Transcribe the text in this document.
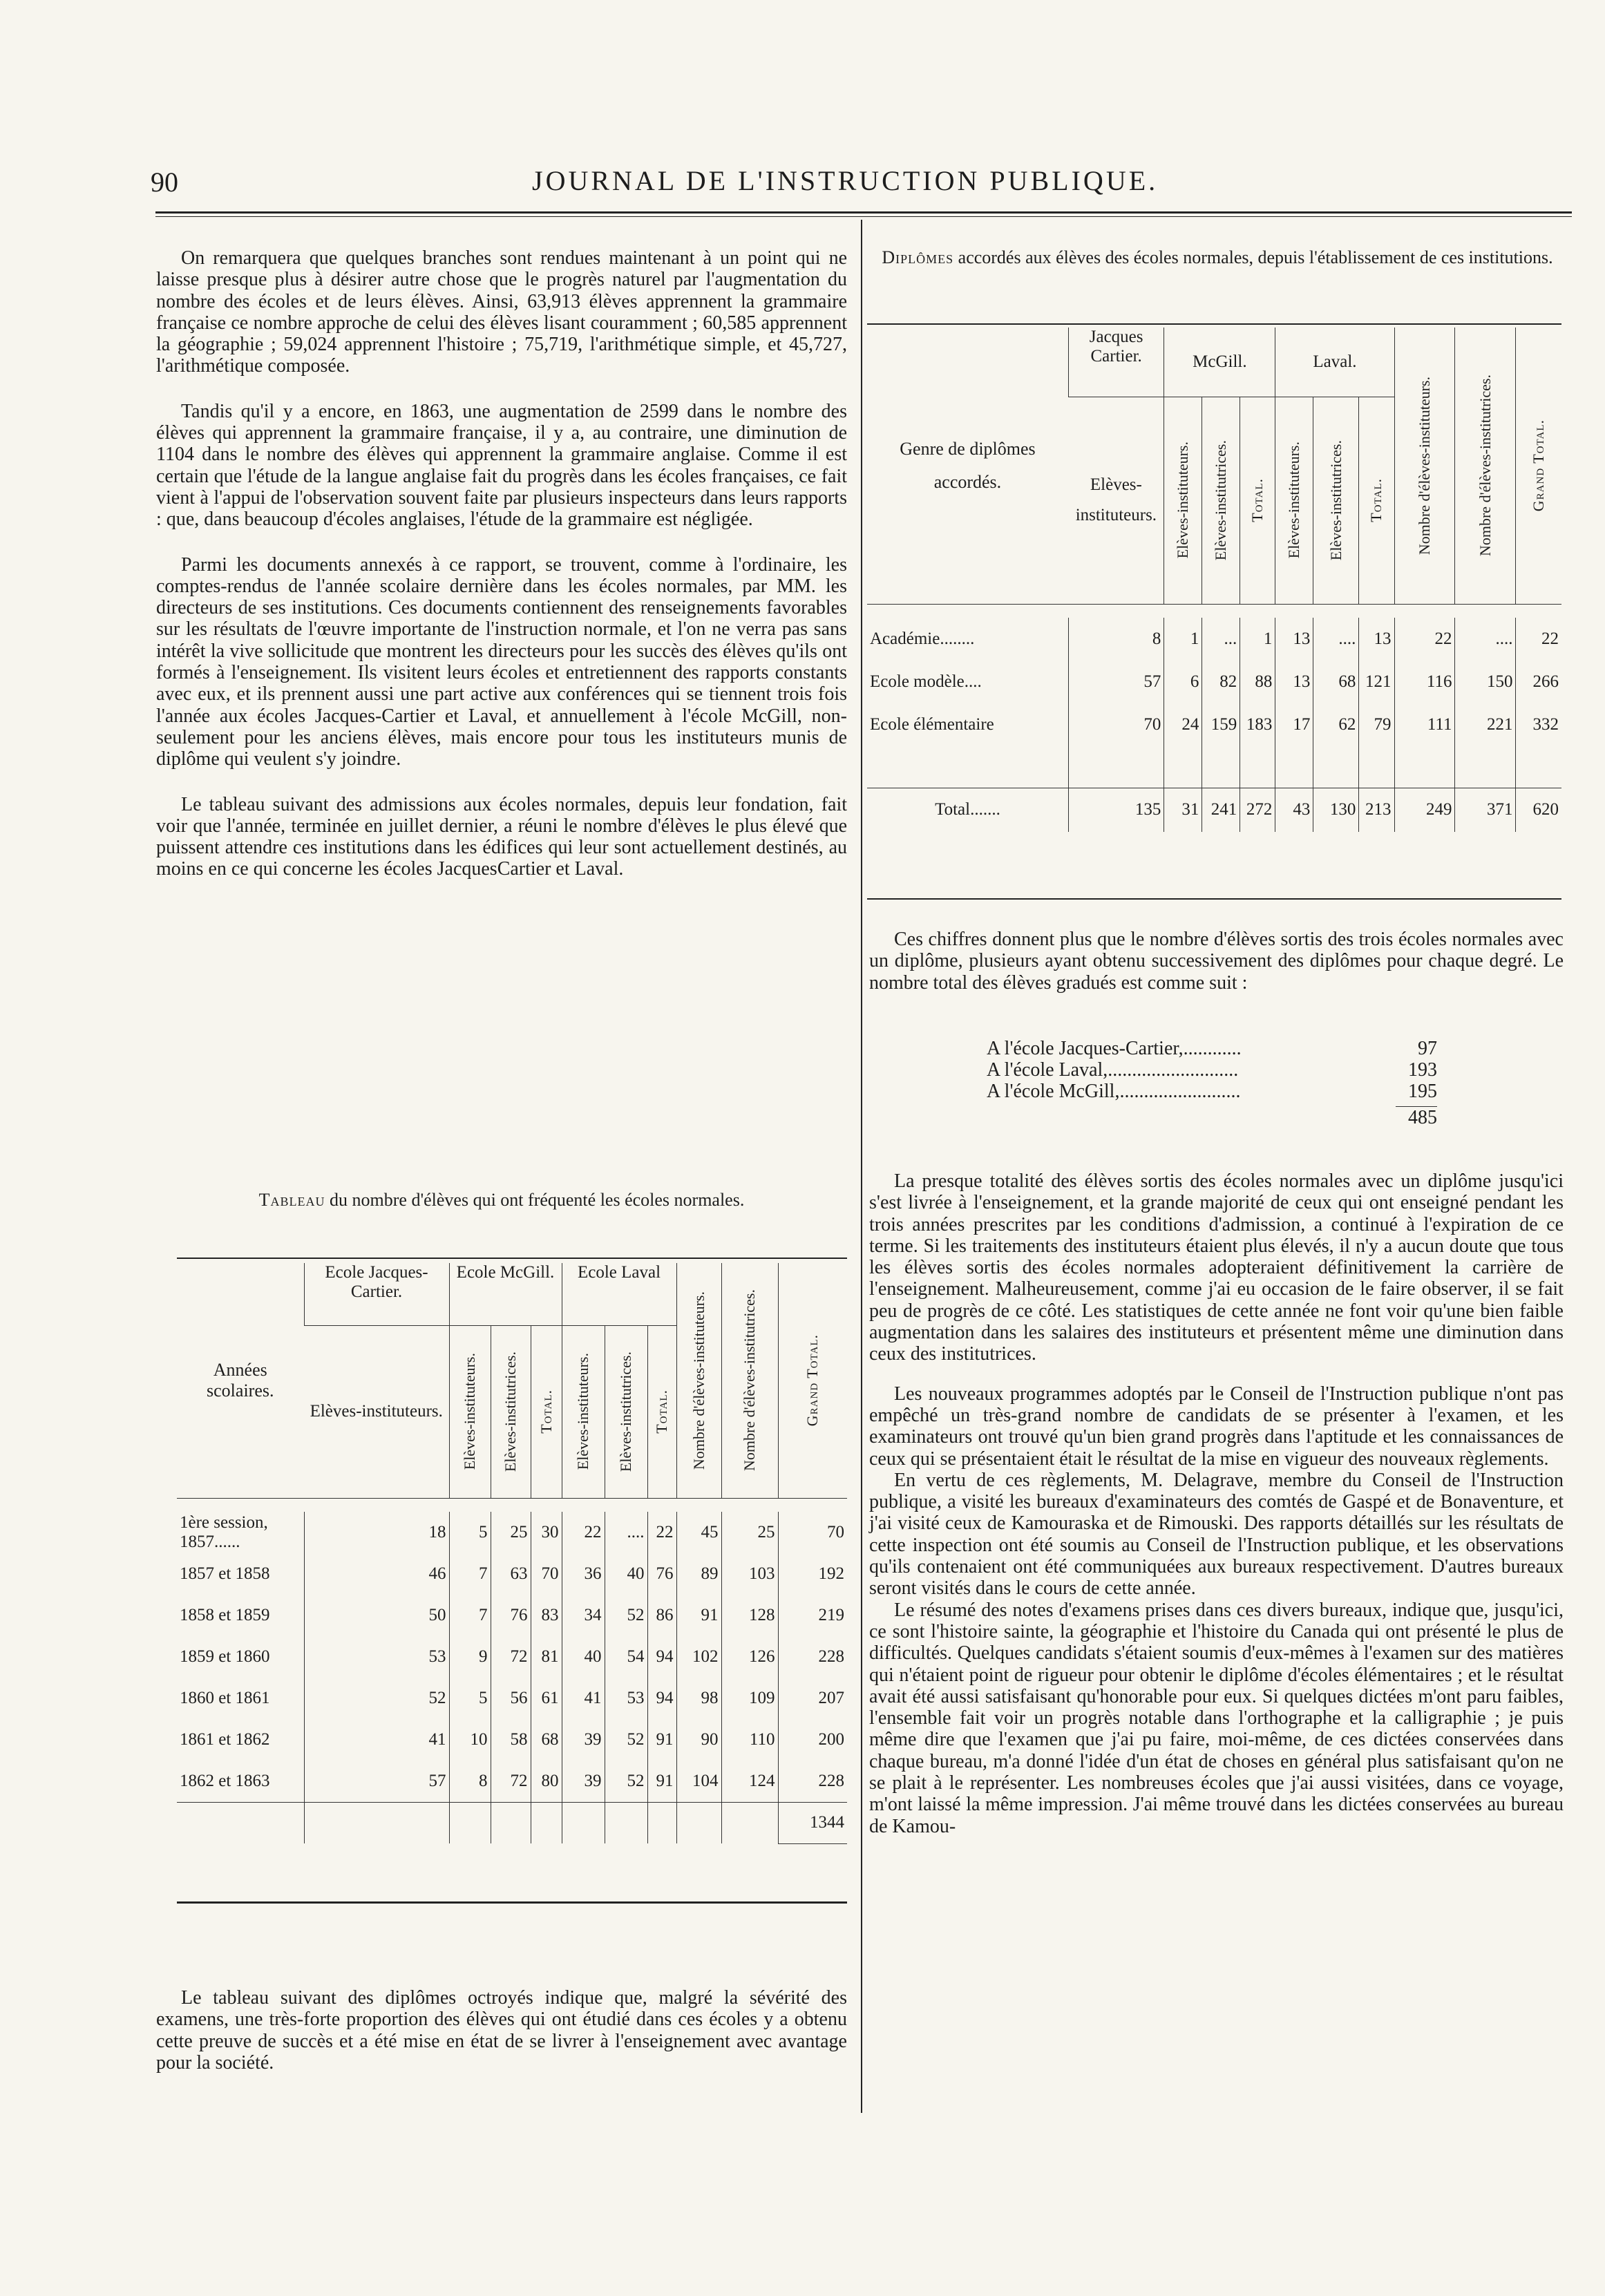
90	JOURNAL DE L'INSTRUCTION PUBLIQUE.

On remarquera que quelques branches sont rendues maintenant à un point qui ne laisse presque plus à désirer autre chose que le progrès naturel par l'augmentation du nombre des écoles et de leurs élèves. Ainsi, 63,913 élèves apprennent la grammaire française ce nombre approche de celui des élèves lisant couramment ; 60,585 apprennent la géographie ; 59,024 apprennent l'histoire ; 75,719, l'arithmétique simple, et 45,727, l'arithmétique composée.

Tandis qu'il y a encore, en 1863, une augmentation de 2599 dans le nombre des élèves qui apprennent la grammaire française, il y a, au contraire, une diminution de 1104 dans le nombre des élèves qui apprennent la grammaire anglaise. Comme il est certain que l'étude de la langue anglaise fait du progrès dans les écoles françaises, ce fait vient à l'appui de l'observation souvent faite par plusieurs inspecteurs dans leurs rapports : que, dans beaucoup d'écoles anglaises, l'étude de la grammaire est négligée.

Parmi les documents annexés à ce rapport, se trouvent, comme à l'ordinaire, les comptes-rendus de l'année scolaire dernière dans les écoles normales, par MM. les directeurs de ses institutions. Ces documents contiennent des renseignements favorables sur les résultats de l'œuvre importante de l'instruction normale, et l'on ne verra pas sans intérêt la vive sollicitude que montrent les directeurs pour les succès des élèves qu'ils ont formés à l'enseignement. Ils visitent leurs écoles et entretiennent des rapports constants avec eux, et ils prennent aussi une part active aux conférences qui se tiennent trois fois l'année aux écoles Jacques-Cartier et Laval, et annuellement à l'école McGill, non-seulement pour les anciens élèves, mais encore pour tous les instituteurs munis de diplôme qui veulent s'y joindre.

Le tableau suivant des admissions aux écoles normales, depuis leur fondation, fait voir que l'année, terminée en juillet dernier, a réuni le nombre d'élèves le plus élevé que puissent attendre ces institutions dans les édifices qui leur sont actuellement destinés, au moins en ce qui concerne les écoles JacquesCartier et Laval.

Tableau du nombre d'élèves qui ont fréquenté les écoles normales.
Années scolaires.	Ecole Jacques-Cartier.	Ecole McGill.			Ecole Laval			Nombre d'élèves-instituteurs.	Nombre d'élèves-institutrices.	Grand Total.

	Elèves-instituteurs.	Elèves-instituteurs.	Elèves-institutrices.	Total.	Elèves-instituteurs.	Elèves-institutrices.	Total.			

1ère session, 1857......	18	5	25	30	22	....	22	45	25	70
1857 et 1858	46	7	63	70	36	40	76	89	103	192
1858 et 1859	50	7	76	83	34	52	86	91	128	219
1859 et 1860	53	9	72	81	40	54	94	102	126	228
1860 et 1861	52	5	56	61	41	53	94	98	109	207
1861 et 1862	41	10	58	68	39	52	91	90	110	200
1862 et 1863	57	8	72	80	39	52	91	104	124	228
										1344

Le tableau suivant des diplômes octroyés indique que, malgré la sévérité des examens, une très-forte proportion des élèves qui ont étudié dans ces écoles y a obtenu cette preuve de succès et a été mise en état de se livrer à l'enseignement avec avantage pour la société.

Diplômes accordés aux élèves des écoles normales, depuis l'établissement de ces institutions.
Genre de diplômes accordés.	Jacques Cartier.	McGill.			Laval.			Nombre d'élèves-instituteurs.	Nombre d'élèves-institutrices.	Grand Total.

	Elèves-instituteurs.	Elèves-instituteurs.	Elèves-institutrices.	Total.	Elèves-instituteurs.	Elèves-institutrices.	Total.			

Académie........	8	1	...	1	13	....	13	22	....	22
Ecole modèle....	57	6	82	88	13	68	121	116	150	266
Ecole élémentaire	70	24	159	183	17	62	79	111	221	332

Total.......	135	31	241	272	43	130	213	249	371	620

Ces chiffres donnent plus que le nombre d'élèves sortis des trois écoles normales avec un diplôme, plusieurs ayant obtenu successivement des diplômes pour chaque degré. Le nombre total des élèves gradués est comme suit :

A l'école Jacques-Cartier,............	97
A l'école Laval,...........................	193
A l'école McGill,.........................	195
485

La presque totalité des élèves sortis des écoles normales avec un diplôme jusqu'ici s'est livrée à l'enseignement, et la grande majorité de ceux qui ont enseigné pendant les trois années prescrites par les conditions d'admission, a continué à l'expiration de ce terme. Si les traitements des instituteurs étaient plus élevés, il n'y a aucun doute que tous les élèves sortis des écoles normales adopteraient définitivement la carrière de l'enseignement. Malheureusement, comme j'ai eu occasion de le faire observer, il se fait peu de progrès de ce côté. Les statistiques de cette année ne font voir qu'une bien faible augmentation dans les salaires des instituteurs et présentent même une diminution dans ceux des institutrices.

Les nouveaux programmes adoptés par le Conseil de l'Instruction publique n'ont pas empêché un très-grand nombre de candidats de se présenter à l'examen, et les examinateurs ont trouvé qu'un bien grand progrès dans l'aptitude et les connaissances de ceux qui se présentaient était le résultat de la mise en vigueur des nouveaux règlements.

En vertu de ces règlements, M. Delagrave, membre du Conseil de l'Instruction publique, a visité les bureaux d'examinateurs des comtés de Gaspé et de Bonaventure, et j'ai visité ceux de Kamouraska et de Rimouski. Des rapports détaillés sur les résultats de cette inspection ont été soumis au Conseil de l'Instruction publique, et les observations qu'ils contenaient ont été communiquées aux bureaux respectivement. D'autres bureaux seront visités dans le cours de cette année.

Le résumé des notes d'examens prises dans ces divers bureaux, indique que, jusqu'ici, ce sont l'histoire sainte, la géographie et l'histoire du Canada qui ont présenté le plus de difficultés. Quelques candidats s'étaient soumis d'eux-mêmes à l'examen sur des matières qui n'étaient point de rigueur pour obtenir le diplôme d'écoles élémentaires ; et le résultat avait été aussi satisfaisant qu'honorable pour eux. Si quelques dictées m'ont paru faibles, l'ensemble fait voir un progrès notable dans l'orthographe et la calligraphie ; je puis même dire que l'examen que j'ai pu faire, moi-même, de ces dictées conservées dans chaque bureau, m'a donné l'idée d'un état de choses en général plus satisfaisant qu'on ne se plait à le représenter. Les nombreuses écoles que j'ai aussi visitées, dans ce voyage, m'ont laissé la même impression. J'ai même trouvé dans les dictées conservées au bureau de Kamou-
